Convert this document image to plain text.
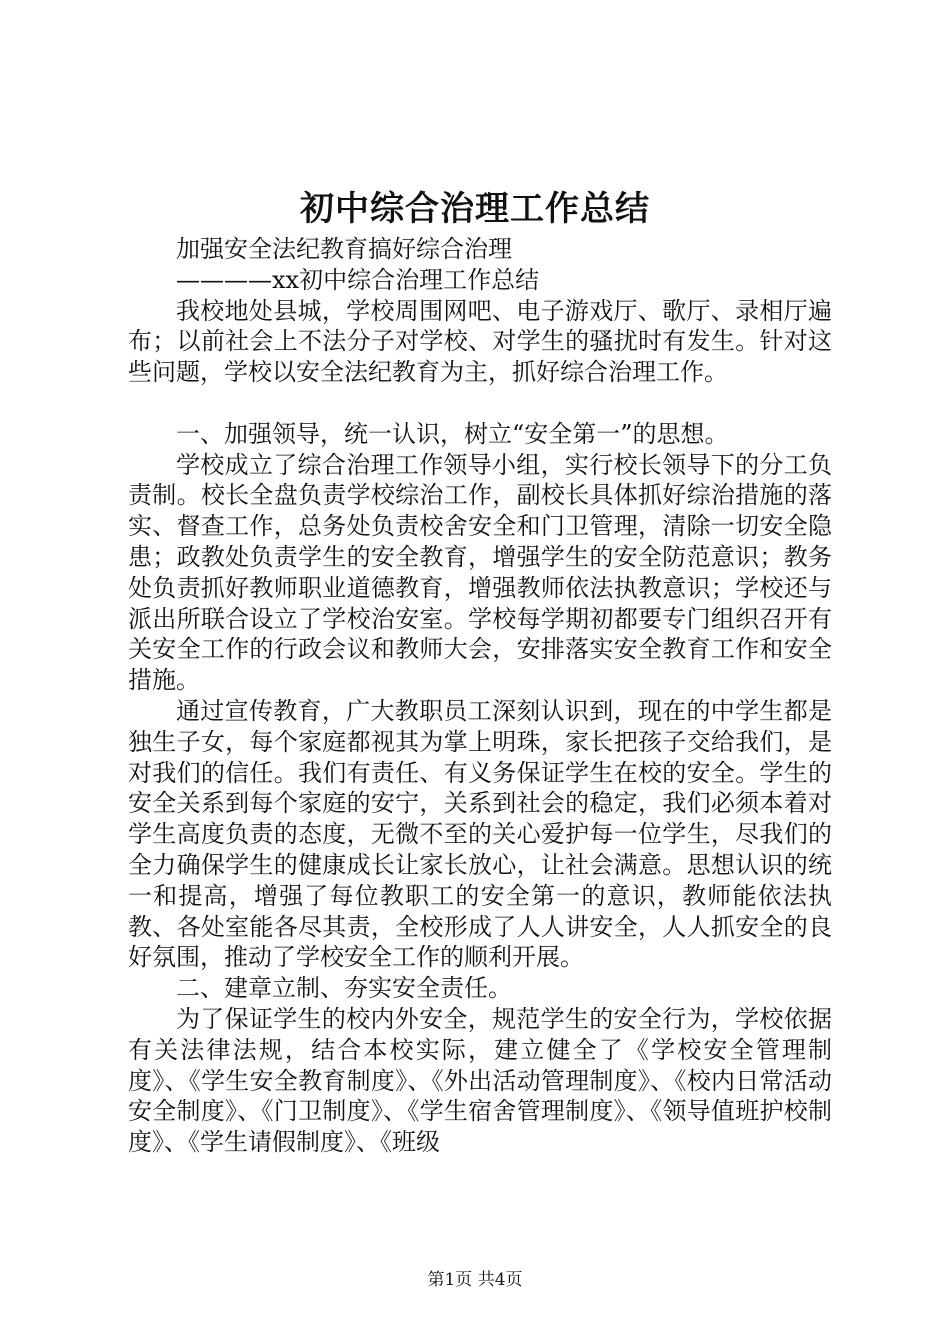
初中综合治理工作总结

加强安全法纪教育搞好综合治理

————xx初中综合治理工作总结

我校地处县城，学校周围网吧、电子游戏厅、歌厅、录相厅遍布；以前社会上不法分子对学校、对学生的骚扰时有发生。针对这些问题，学校以安全法纪教育为主，抓好综合治理工作。

一、加强领导，统一认识，树立“安全第一”的思想。

学校成立了综合治理工作领导小组，实行校长领导下的分工负责制。校长全盘负责学校综治工作，副校长具体抓好综治措施的落实、督查工作，总务处负责校舍安全和门卫管理，清除一切安全隐患；政教处负责学生的安全教育，增强学生的安全防范意识；教务处负责抓好教师职业道德教育，增强教师依法执教意识；学校还与派出所联合设立了学校治安室。学校每学期初都要专门组织召开有关安全工作的行政会议和教师大会，安排落实安全教育工作和安全措施。

通过宣传教育，广大教职员工深刻认识到，现在的中学生都是独生子女，每个家庭都视其为掌上明珠，家长把孩子交给我们，是对我们的信任。我们有责任、有义务保证学生在校的安全。学生的安全关系到每个家庭的安宁，关系到社会的稳定，我们必须本着对学生高度负责的态度，无微不至的关心爱护每一位学生，尽我们的全力确保学生的健康成长让家长放心，让社会满意。思想认识的统一和提高，增强了每位教职工的安全第一的意识，教师能依法执教、各处室能各尽其责，全校形成了人人讲安全，人人抓安全的良好氛围，推动了学校安全工作的顺利开展。

二、建章立制、夯实安全责任。

为了保证学生的校内外安全，规范学生的安全行为，学校依据有关法律法规，结合本校实际，建立健全了《学校安全管理制度》、《学生安全教育制度》、《外出活动管理制度》、《校内日常活动安全制度》、《门卫制度》、《学生宿舍管理制度》、《领导值班护校制度》、《学生请假制度》、《班级

第1页 共4页
